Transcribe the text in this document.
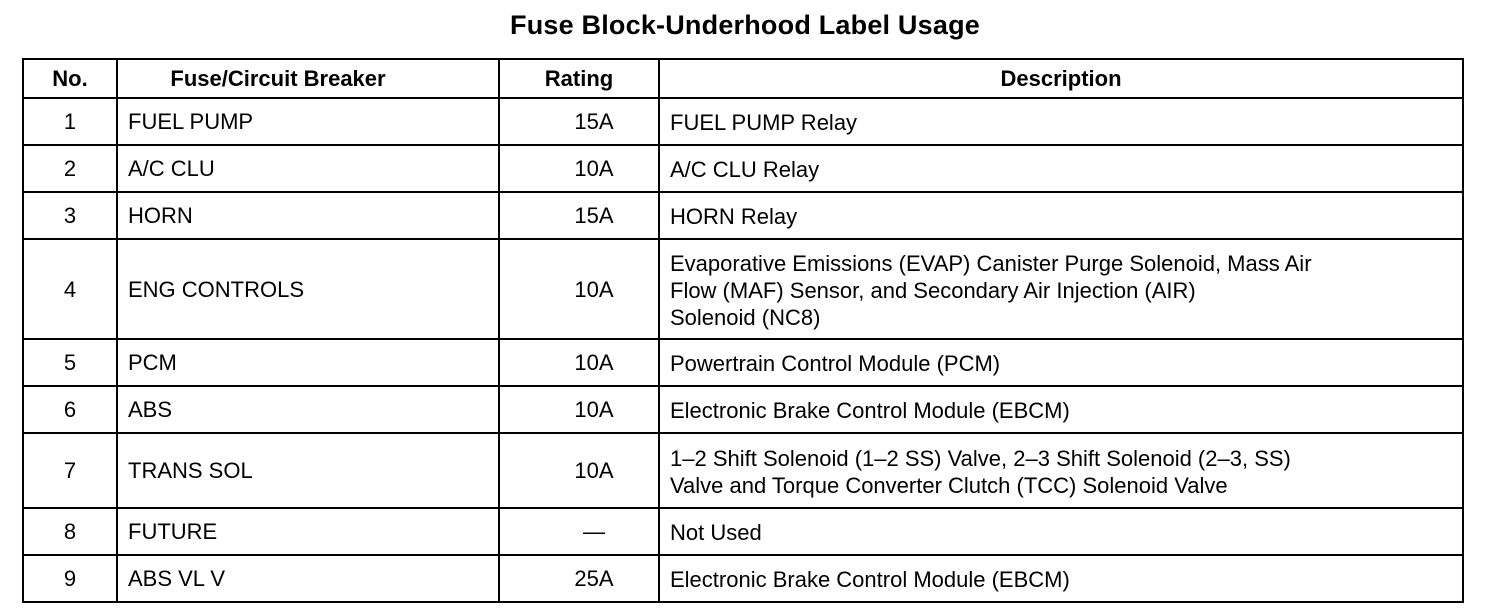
Fuse Block-Underhood Label Usage
No.	Fuse/Circuit Breaker	Rating	Description
1	FUEL PUMP	15A	FUEL PUMP Relay
2	A/C CLU	10A	A/C CLU Relay
3	HORN	15A	HORN Relay
4	ENG CONTROLS	10A	Evaporative Emissions (EVAP) Canister Purge Solenoid, Mass Air
Flow (MAF) Sensor, and Secondary Air Injection (AIR)
Solenoid (NC8)
5	PCM	10A	Powertrain Control Module (PCM)
6	ABS	10A	Electronic Brake Control Module (EBCM)
7	TRANS SOL	10A	1–2 Shift Solenoid (1–2 SS) Valve, 2–3 Shift Solenoid (2–3, SS)
Valve and Torque Converter Clutch (TCC) Solenoid Valve
8	FUTURE	—	Not Used
9	ABS VL V	25A	Electronic Brake Control Module (EBCM)
